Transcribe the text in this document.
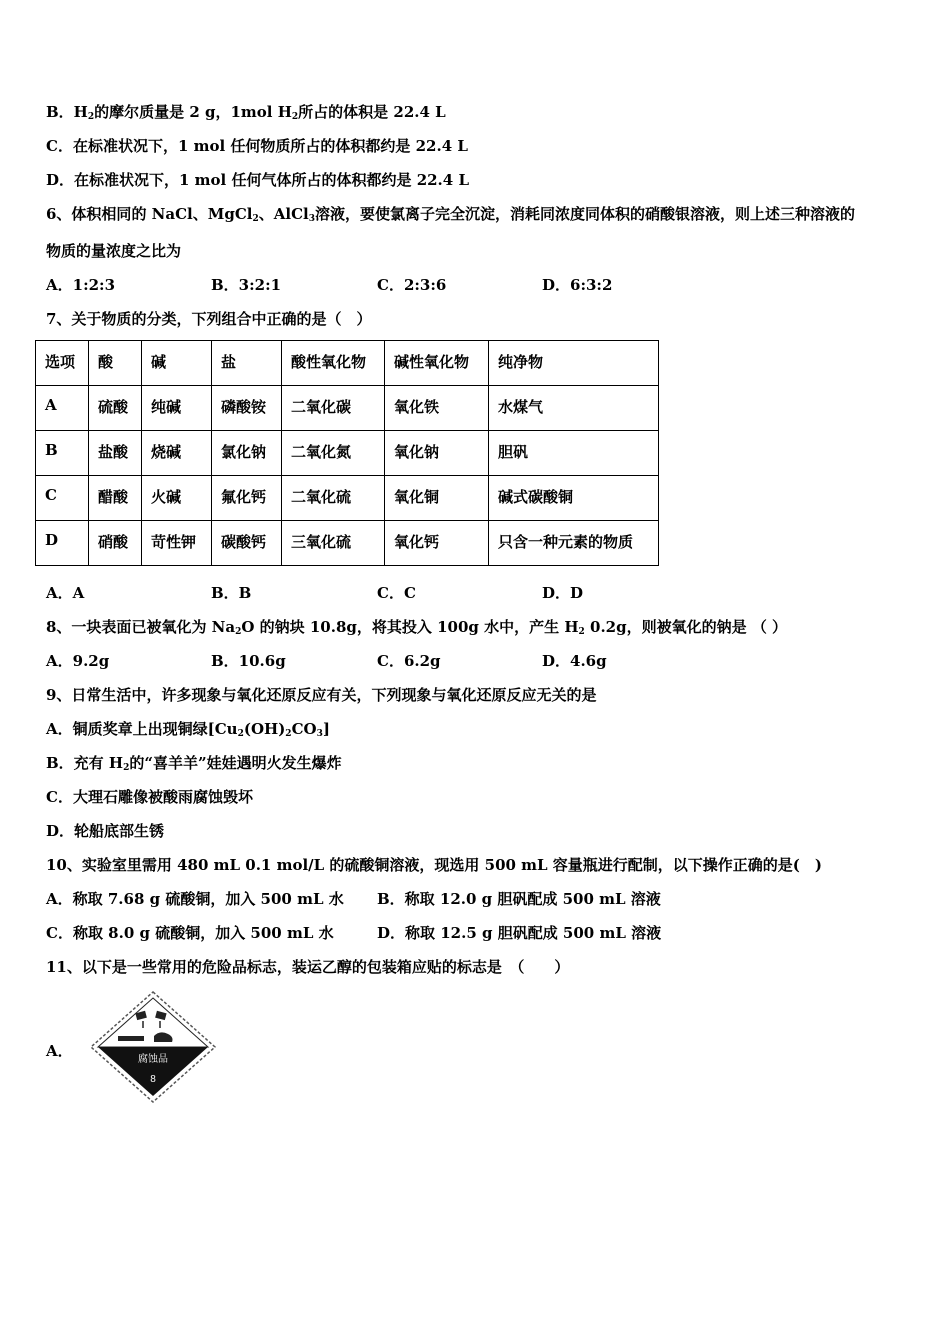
B．$H_2$的摩尔质量是 2 g，1mol $H_2$所占的体积是 22.4 L
C．在标准状况下，1 mol 任何物质所占的体积都约是 22.4 L
D．在标准状况下，1 mol 任何气体所占的体积都约是 22.4 L
6、体积相同的 NaCl、MgCl$_2$、AlCl$_3$溶液，要使氯离子完全沉淀，消耗同浓度同体积的硝酸银溶液，则上述三种溶液的
物质的量浓度之比为
A．1:2:3	B．3:2:1	C．2:3:6	D．6:3:2
7、关于物质的分类，下列组合中正确的是（　）
选项	酸	碱	盐	酸性氧化物	碱性氧化物	纯净物
A	硫酸	纯碱	磷酸铵	二氧化碳	氧化铁	水煤气
B	盐酸	烧碱	氯化钠	二氧化氮	氧化钠	胆矾
C	醋酸	火碱	氟化钙	二氧化硫	氧化铜	碱式碳酸铜
D	硝酸	苛性钾	碳酸钙	三氧化硫	氧化钙	只含一种元素的物质
A．A	B．B	C．C	D．D
8、一块表面已被氧化为 $Na_2O$ 的钠块 10.8g，将其投入 100g 水中，产生 $H_2$ 0.2g，则被氧化的钠是 （ ）
A．9.2g	B．10.6g	C．6.2g	D．4.6g
9、日常生活中，许多现象与氧化还原反应有关，下列现象与氧化还原反应无关的是
A．铜质奖章上出现铜绿$[Cu_2(OH)_2CO_3]$
B．充有 $H_2$的“喜羊羊”娃娃遇明火发生爆炸
C．大理石雕像被酸雨腐蚀毁坏
D．轮船底部生锈
10、实验室里需用 480 mL 0.1 mol/L 的硫酸铜溶液，现选用 500 mL 容量瓶进行配制，以下操作正确的是(　)
A．称取 7.68 g 硫酸铜，加入 500 mL 水 B．称取 12.0 g 胆矾配成 500 mL 溶液
C．称取 8.0 g 硫酸铜，加入 500 mL 水	D．称取 12.5 g 胆矾配成 500 mL 溶液
11、以下是一些常用的危险品标志，装运乙醇的包装箱应贴的标志是　（　　）
A．	腐蚀品
8
